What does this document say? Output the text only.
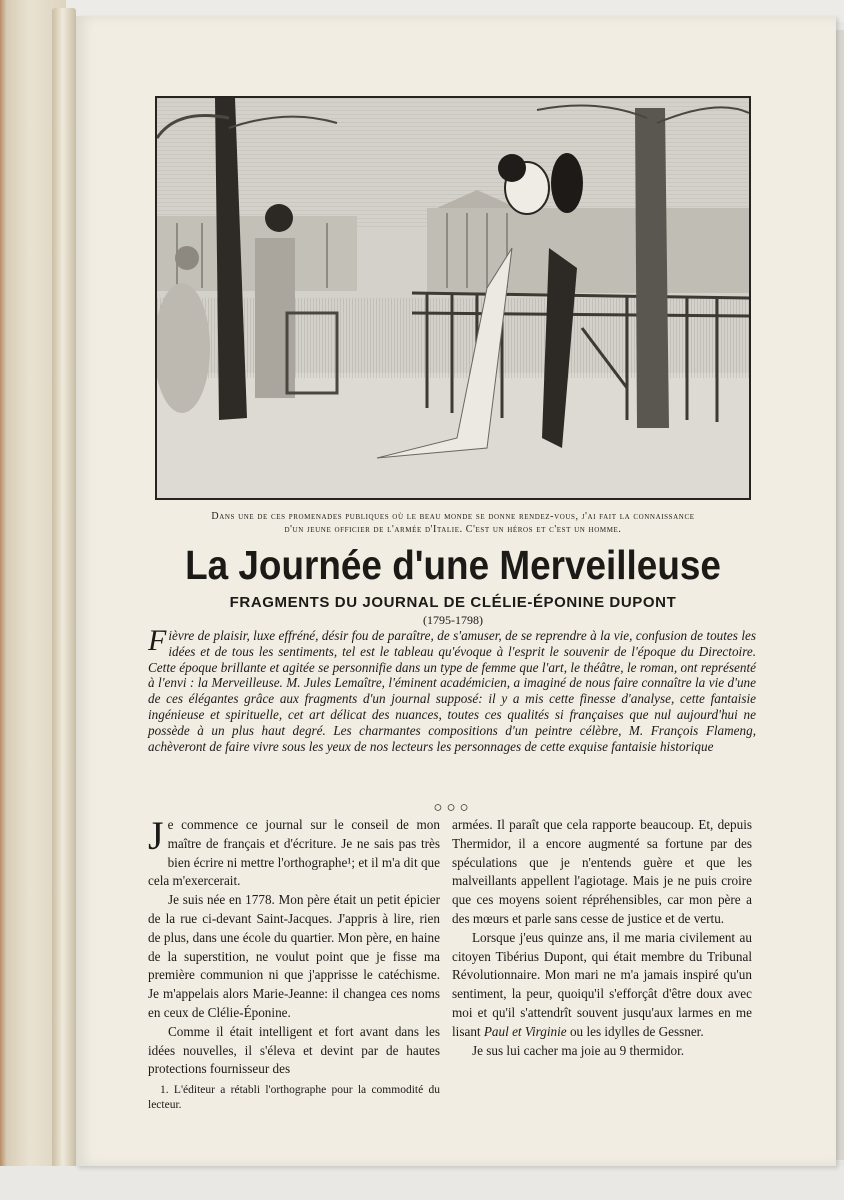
Dans une de ces promenades publiques où le beau monde se donne rendez-vous, j'ai fait la connaissance
d'un jeune officier de l'armée d'Italie. C'est un héros et c'est un homme.
La Journée d'une Merveilleuse
FRAGMENTS DU JOURNAL DE CLÉLIE-ÉPONINE DUPONT
(1795-1798)
Fièvre de plaisir, luxe effréné, désir fou de paraître, de s'amuser, de se reprendre à la vie, confusion de toutes les idées et de tous les sentiments, tel est le tableau qu'évoque à l'esprit le souvenir de l'époque du Directoire. Cette époque brillante et agitée se personnifie dans un type de femme que l'art, le théâtre, le roman, ont représenté à l'envi : la Merveilleuse. M. Jules Lemaître, l'éminent académicien, a imaginé de nous faire connaître la vie d'une de ces élégantes grâce aux fragments d'un journal supposé: il y a mis cette finesse d'analyse, cette fantaisie ingénieuse et spirituelle, cet art délicat des nuances, toutes ces qualités si françaises que nul aujourd'hui ne possède à un plus haut degré. Les charmantes compositions d'un peintre célèbre, M. François Flameng, achèveront de faire vivre sous les yeux de nos lecteurs les personnages de cette exquise fantaisie historique
○○○

Je commence ce journal sur le conseil de mon maître de français et d'écriture. Je ne sais pas très bien écrire ni mettre l'orthographe¹; et il m'a dit que cela m'exercerait.

Je suis née en 1778. Mon père était un petit épicier de la rue ci-devant Saint-Jacques. J'appris à lire, rien de plus, dans une école du quartier. Mon père, en haine de la superstition, ne voulut point que je fisse ma première communion ni que j'apprisse le catéchisme. Je m'appelais alors Marie-Jeanne: il changea ces noms en ceux de Clélie-Éponine.

Comme il était intelligent et fort avant dans les idées nouvelles, il s'éleva et devint par de hautes protections fournisseur des

1. L'éditeur a rétabli l'orthographe pour la commodité du lecteur.

armées. Il paraît que cela rapporte beaucoup. Et, depuis Thermidor, il a encore augmenté sa fortune par des spéculations que je n'entends guère et que les malveillants appellent l'agiotage. Mais je ne puis croire que ces moyens soient répréhensibles, car mon père a des mœurs et parle sans cesse de justice et de vertu.

Lorsque j'eus quinze ans, il me maria civilement au citoyen Tibérius Dupont, qui était membre du Tribunal Révolutionnaire. Mon mari ne m'a jamais inspiré qu'un sentiment, la peur, quoiqu'il s'efforçât d'être doux avec moi et qu'il s'attendrît souvent jusqu'aux larmes en me lisant Paul et Virginie ou les idylles de Gessner.

Je sus lui cacher ma joie au 9 thermidor.
